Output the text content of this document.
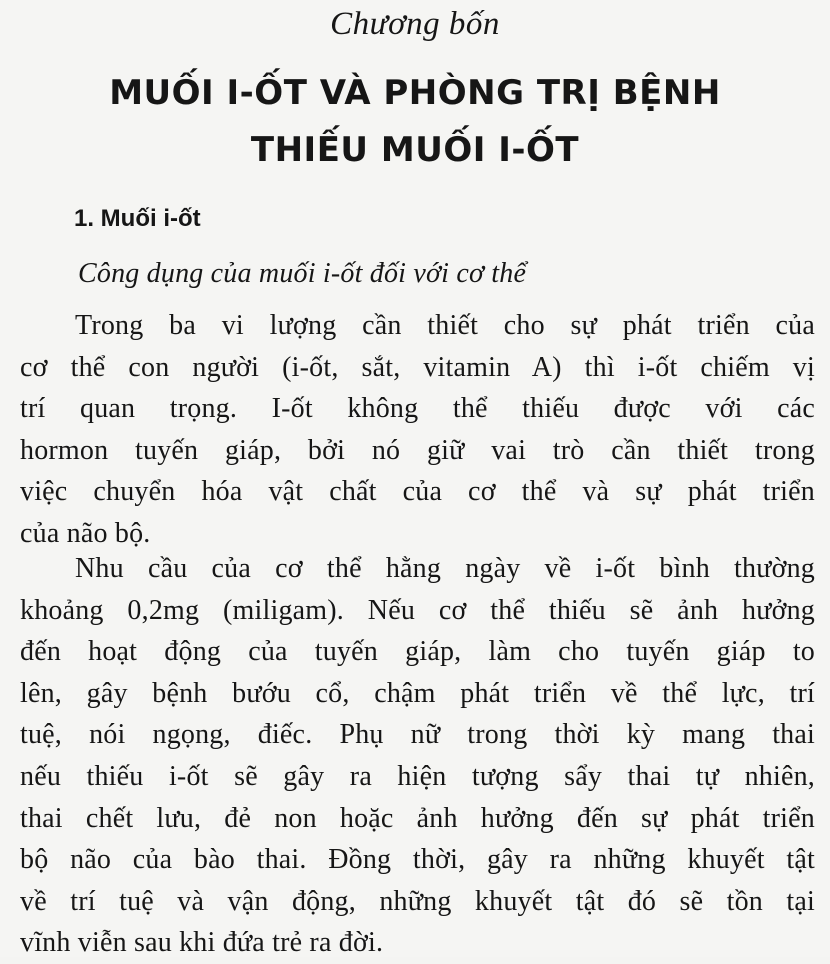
Chương bốn
MUỐI I-ỐT VÀ PHÒNG TRỊ BỆNH
THIẾU MUỐI I-ỐT
1. Muối i-ốt
Công dụng của muối i-ốt đối với cơ thể
Trong ba vi lượng cần thiết cho sự phát triển của
cơ thể con người (i-ốt, sắt, vitamin A) thì i-ốt chiếm vị
trí quan trọng. I-ốt không thể thiếu được với các
hormon tuyến giáp, bởi nó giữ vai trò cần thiết trong
việc chuyển hóa vật chất của cơ thể và sự phát triển
của não bộ.
Nhu cầu của cơ thể hằng ngày về i-ốt bình thường
khoảng 0,2mg (miligam). Nếu cơ thể thiếu sẽ ảnh hưởng
đến hoạt động của tuyến giáp, làm cho tuyến giáp to
lên, gây bệnh bướu cổ, chậm phát triển về thể lực, trí
tuệ, nói ngọng, điếc. Phụ nữ trong thời kỳ mang thai
nếu thiếu i-ốt sẽ gây ra hiện tượng sẩy thai tự nhiên,
thai chết lưu, đẻ non hoặc ảnh hưởng đến sự phát triển
bộ não của bào thai. Đồng thời, gây ra những khuyết tật
về trí tuệ và vận động, những khuyết tật đó sẽ tồn tại
vĩnh viễn sau khi đứa trẻ ra đời.
